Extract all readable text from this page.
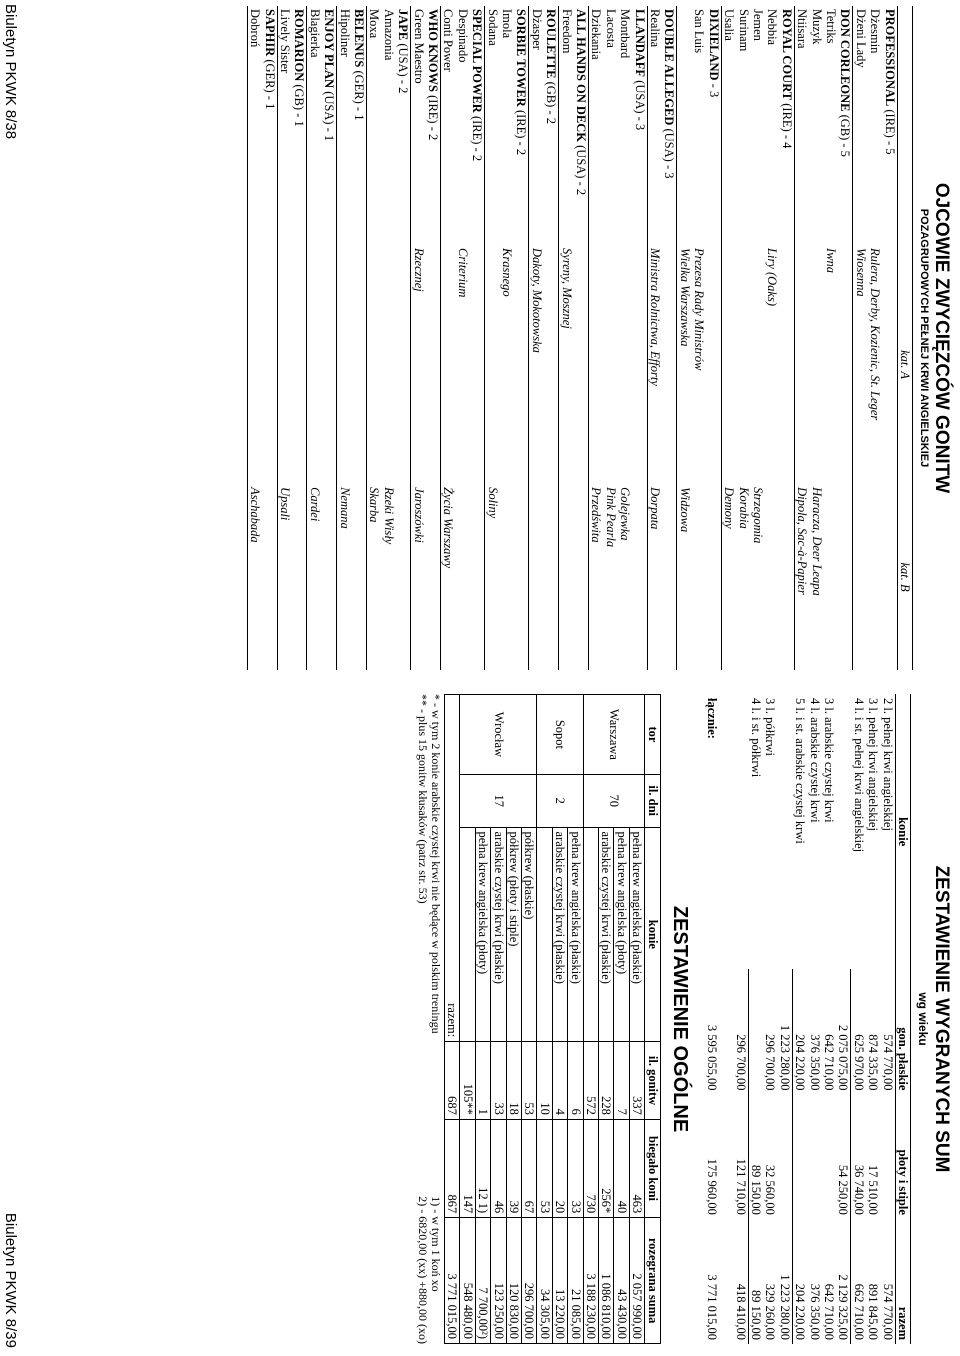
OJCOWIE ZWYCIĘZCÓW GONITW
POZAGRUPOWYCH PEŁNEJ KRWI ANGIELSKIEJ
	kat. A	kat. B
PROFESSIONAL (IRE) - 5		
Dżesmin	Rulera, Derby, Kozienic, St. Leger	
Dżeni Lady	Wiosenna	
DON CORLEONE (GB) - 5		
Tetriks	Iwna	
Muzyk		Haracza, Deer Leapa
Ntiisara		Dipola, Sac-à-Papier
ROYAL COURT (IRE) - 4		
Nebbia	Liry (Oaks)	
Jemen		Strzegomia
Surinam		Korabia
Usalia		Demony
DIXIELAND - 3		
San Luis	Prezesa Rady Ministrów	
	Wielka Warszawska	Widzowa
DOUBLE ALLEGED (USA) - 3		
Realina	Ministra Rolnictwa, Efforty	Dorpata
LLANDAFF (USA) - 3		
Montbard		Golejewka
Lacosta		Pink Pearla
Dziekania		Przedświta
ALL HANDS ON DECK (USA) - 2		
Freedom	Syreny, Mosznej	
ROULETTE (GB) - 2		
Dżasper	Dakoty, Mokotowska	
SORBIE TOWER (IRE) - 2		
Imola	Krasnego	
Sodana		Soliny
SPECIAL POWER (IRE) - 2		
Despinado	Criterium	
Conti Power		Życia Warszawy
WHO KNOWS (IRE) - 2		
Green Maestro	Rzecznej	Jaroszówki
JAPE (USA) - 2		
Amazonia		Rzeki Wisły
Moxa		Skarba
BELENUS (GER) - 1		
Hipoliner		Nemana
ENJOY PLAN (USA) - 1		
Blagierka		Cardei
ROMARION (GB) - 1		
Lively Sister		Upsali
SAPHIR (GER) - 1		
Dobroń		Aschabada
Biuletyn PKWK 8/38
ZESTAWIENIE WYGRANYCH SUM
wg wieku
konie	gon. płaskie	płoty i stiple	razem
2 l. pełnej krwi angielskiej	574 770,00		574 770,00
3 l. pełnej krwi angielskiej	874 335,00	17 510,00	891 845,00
4 l. i st. pełnej krwi angielskiej	625 970,00	36 740,00	662 710,00
	2 075 075,00	54 250,00	2 129 325,00
3 l. arabskie czystej krwi	642 710,00		642 710,00
4 l. arabskie czystej krwi	376 350,00		376 350,00
5 l. i st. arabskie czystej krwi	204 220,00		204 220,00
	1 223 280,00		1 223 280,00
3 l. półkrwi	296 700,00	32 560,00	329 260,00
4 l. i st. półkrwi		89 150,00	89 150,00
	296 700,00	121 710,00	418 410,00
łącznie:	3 595 055,00	175 960,00	3 771 015,00
ZESTAWIENIE OGÓLNE
tor	il. dni	konie	il. gonitw	biegało koni	rozegrana suma
Warszawa	70	pełna krew angielska (płaskie)	337	463	2 057 990,00
		pełna krew angielska (płoty)	7	40	43 430,00
		arabskie czystej krwi (płaskie)	228	256*	1 086 810,00
			572	730	3 188 230,00
Sopot	2	pełna krew angielska (płaskie)	6	33	21 085,00
		arabskie czystej krwi (płaskie)	4	20	13 220,00
			10	53	34 305,00
Wrocław	17	półkrew (płaskie)	53	67	296 700,00
		półkrew (płoty i stiple)	18	39	120 830,00
		arabskie czystej krwi (płaskie)	33	46	123 250,00
		pełna krew angielska (płoty)	1	12 1)	7 700,00²)
			105**	147	548 480,00
razem:			687	867	3 771 015,00
* - w tym 2 konie arabskie czystej krwi nie będące w polskim treningu
** - plus 15 gonitw kłusaków (patrz str. 53)
1) - w tym 1 koń xo
2) - 6820,00 (xx) +880,00 (xo)
Biuletyn PKWK 8/39
